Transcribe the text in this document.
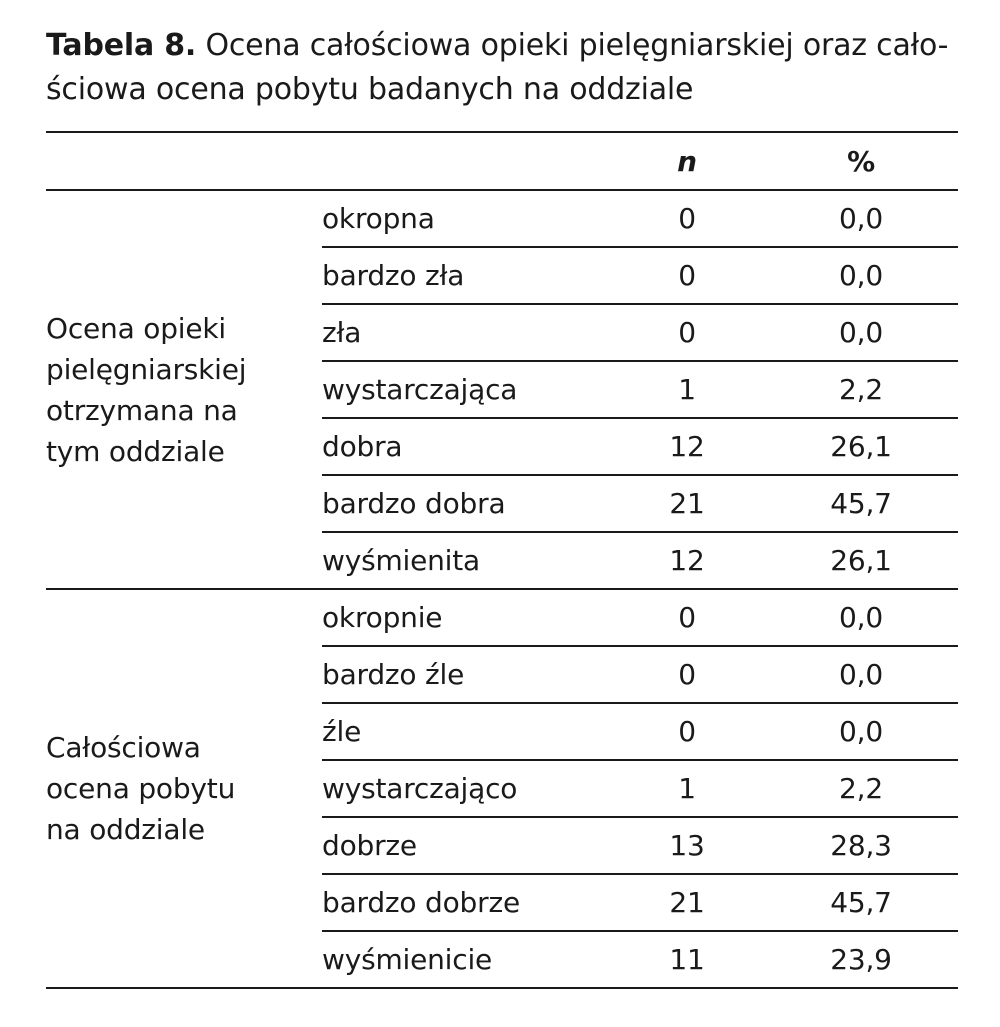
Tabela 8. Ocena całościowa opieki pielęgniarskiej oraz cało-
ściowa ocena pobytu badanych na oddziale
		n	%

Ocena opieki
pielęgniarskiej
otrzymana na
tym oddziale	okropna	0	0,0
	bardzo zła	0	0,0
	zła	0	0,0
	wystarczająca	1	2,2
	dobra	12	26,1
	bardzo dobra	21	45,7
	wyśmienita	12	26,1

Całościowa
ocena pobytu
na oddziale	okropnie	0	0,0
	bardzo źle	0	0,0
	źle	0	0,0
	wystarczająco	1	2,2
	dobrze	13	28,3
	bardzo dobrze	21	45,7
	wyśmienicie	11	23,9
